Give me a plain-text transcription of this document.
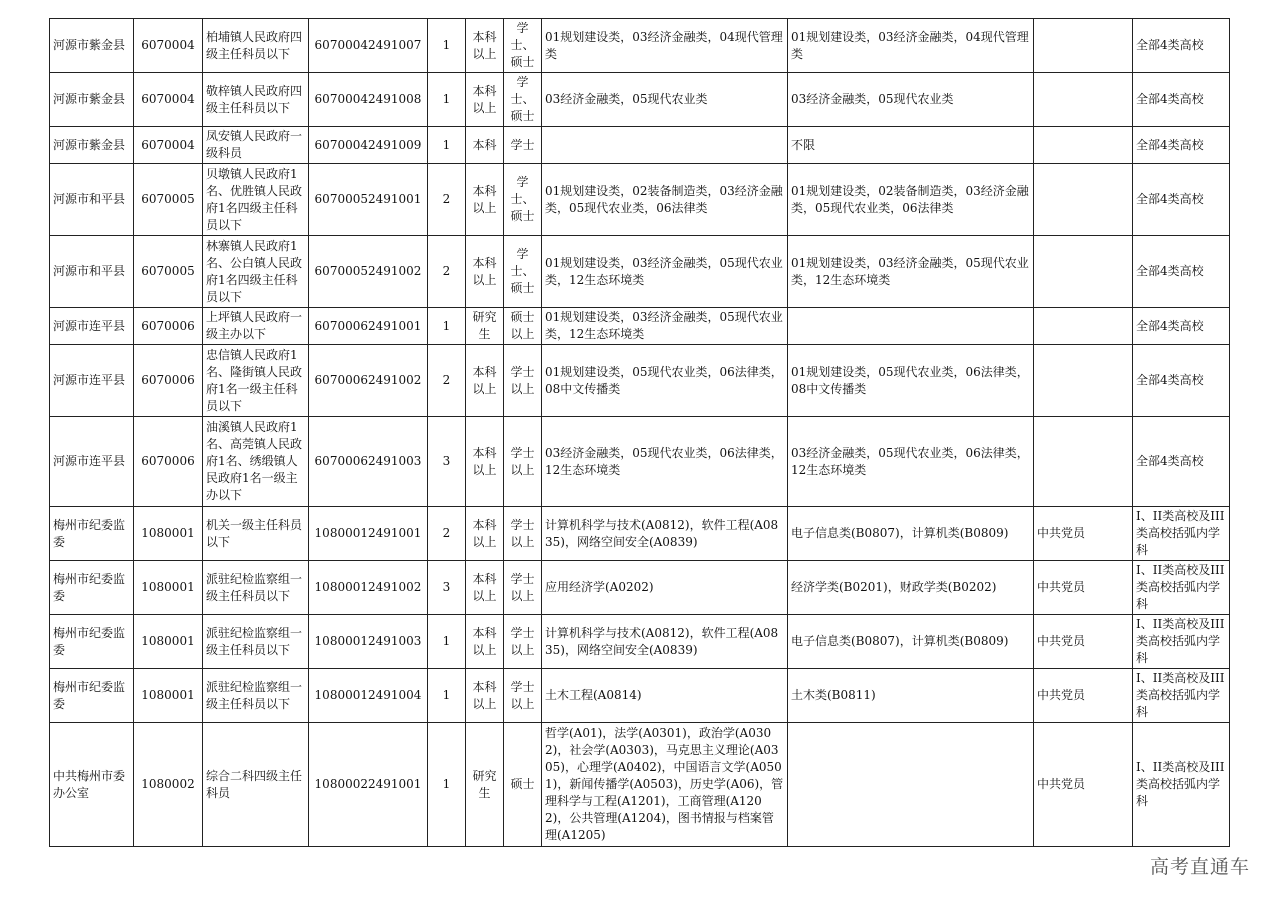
河源市紫金县	6070004	柏埔镇人民政府四级主任科员以下	60700042491007	1	本科以上	学士、硕士	01规划建设类，03经济金融类，04现代管理类	01规划建设类，03经济金融类，04现代管理类		全部4类高校
河源市紫金县	6070004	敬梓镇人民政府四级主任科员以下	60700042491008	1	本科以上	学士、硕士	03经济金融类，05现代农业类	03经济金融类，05现代农业类		全部4类高校
河源市紫金县	6070004	凤安镇人民政府一级科员	60700042491009	1	本科	学士		不限		全部4类高校
河源市和平县	6070005	贝墩镇人民政府1名、优胜镇人民政府1名四级主任科员以下	60700052491001	2	本科以上	学士、硕士	01规划建设类，02装备制造类，03经济金融类，05现代农业类，06法律类	01规划建设类，02装备制造类，03经济金融类，05现代农业类，06法律类		全部4类高校
河源市和平县	6070005	林寨镇人民政府1名、公白镇人民政府1名四级主任科员以下	60700052491002	2	本科以上	学士、硕士	01规划建设类，03经济金融类，05现代农业类，12生态环境类	01规划建设类，03经济金融类，05现代农业类，12生态环境类		全部4类高校
河源市连平县	6070006	上坪镇人民政府一级主办以下	60700062491001	1	研究生	硕士以上	01规划建设类，03经济金融类，05现代农业类，12生态环境类			全部4类高校
河源市连平县	6070006	忠信镇人民政府1名、隆街镇人民政府1名一级主任科员以下	60700062491002	2	本科以上	学士以上	01规划建设类，05现代农业类，06法律类，08中文传播类	01规划建设类，05现代农业类，06法律类，08中文传播类		全部4类高校
河源市连平县	6070006	油溪镇人民政府1名、高莞镇人民政府1名、绣缎镇人民政府1名一级主办以下	60700062491003	3	本科以上	学士以上	03经济金融类，05现代农业类，06法律类，12生态环境类	03经济金融类，05现代农业类，06法律类，12生态环境类		全部4类高校
梅州市纪委监委	1080001	机关一级主任科员以下	10800012491001	2	本科以上	学士以上	计算机科学与技术(A0812)，软件工程(A0835)，网络空间安全(A0839)	电子信息类(B0807)，计算机类(B0809)	中共党员	I、II类高校及III类高校括弧内学科
梅州市纪委监委	1080001	派驻纪检监察组一级主任科员以下	10800012491002	3	本科以上	学士以上	应用经济学(A0202)	经济学类(B0201)，财政学类(B0202)	中共党员	I、II类高校及III类高校括弧内学科
梅州市纪委监委	1080001	派驻纪检监察组一级主任科员以下	10800012491003	1	本科以上	学士以上	计算机科学与技术(A0812)，软件工程(A0835)，网络空间安全(A0839)	电子信息类(B0807)，计算机类(B0809)	中共党员	I、II类高校及III类高校括弧内学科
梅州市纪委监委	1080001	派驻纪检监察组一级主任科员以下	10800012491004	1	本科以上	学士以上	土木工程(A0814)	土木类(B0811)	中共党员	I、II类高校及III类高校括弧内学科
中共梅州市委办公室	1080002	综合二科四级主任科员	10800022491001	1	研究生	硕士	哲学(A01)，法学(A0301)，政治学(A0302)，社会学(A0303)，马克思主义理论(A0305)，心理学(A0402)，中国语言文学(A0501)，新闻传播学(A0503)，历史学(A06)，管理科学与工程(A1201)，工商管理(A1202)，公共管理(A1204)，图书情报与档案管理(A1205)		中共党员	I、II类高校及III类高校括弧内学科
高考直通车
